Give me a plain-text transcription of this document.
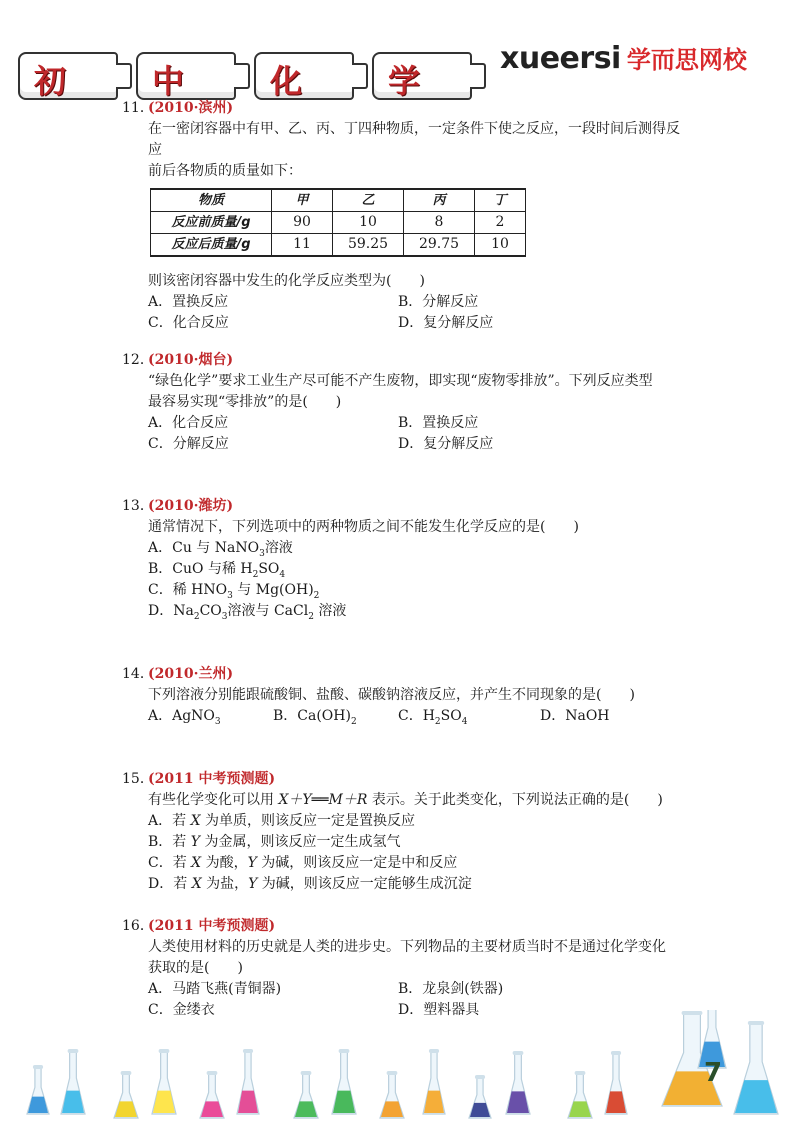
初	中	化	学
xueersi 学而思网校
11．
(2010·滨州)
在一密闭容器中有甲、乙、丙、丁四种物质，一定条件下使之反应，一段时间后测得反应
前后各物质的质量如下：
物质	甲	乙	丙	丁
反应前质量/g	90	10	8	2
反应后质量/g	11	59.25	29.75	10
则该密闭容器中发生的化学反应类型为(　　)
A．置换反应	B．分解反应
C．化合反应	D．复分解反应
12．
(2010·烟台)
“绿色化学”要求工业生产尽可能不产生废物，即实现“废物零排放”。下列反应类型
最容易实现“零排放”的是(　　)
A．化合反应	B．置换反应
C．分解反应	D．复分解反应
13．
(2010·潍坊)
通常情况下，下列选项中的两种物质之间不能发生化学反应的是(　　)
A．Cu 与 NaNO$_3$溶液
B．CuO 与稀 $H_2SO_4$
C．稀 $HNO_3$ 与 $Mg(OH)_2$
D．$Na_2CO_3$溶液与 CaCl$_2$ 溶液
14．
(2010·兰州)
下列溶液分别能跟硫酸铜、盐酸、碳酸钠溶液反应，并产生不同现象的是(　　)
A．AgNO$_3$	B．$Ca(OH)_2$	C．$H_2SO_4$	D．NaOH
15．
(2011 中考预测题)
有些化学变化可以用 X＋Y══M＋R 表示。关于此类变化，下列说法正确的是(　　)
A．若 X 为单质，则该反应一定是置换反应
B．若 Y 为金属，则该反应一定生成氢气
C．若 X 为酸，Y 为碱，则该反应一定是中和反应
D．若 X 为盐，Y 为碱，则该反应一定能够生成沉淀
16．
(2011 中考预测题)
人类使用材料的历史就是人类的进步史。下列物品的主要材质当时不是通过化学变化
获取的是(　　)
A．马踏飞燕(青铜器)	B．龙泉剑(铁器)
C．金缕衣	D．塑料器具
7
